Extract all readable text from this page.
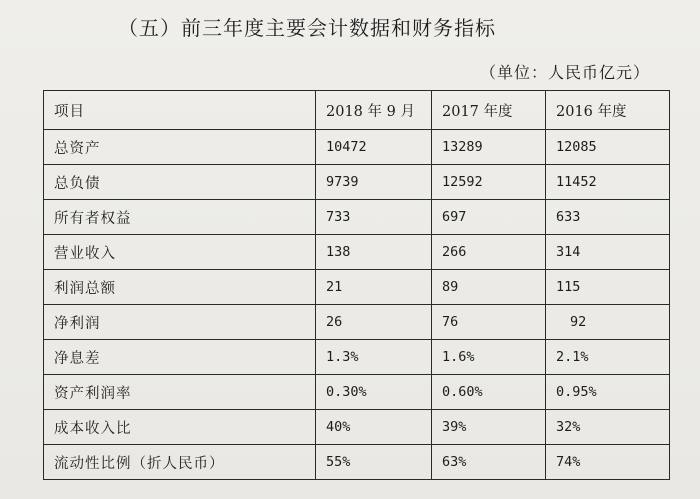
（五）前三年度主要会计数据和财务指标
（单位：人民币亿元）
项目	2018 年 9 月	2017 年度	2016 年度
总资产	10472	13289	12085
总负债	9739	12592	11452
所有者权益	733	697	633
营业收入	138	266	314
利润总额	21	89	115
净利润	26	76	92
净息差	1.3%	1.6%	2.1%
资产利润率	0.30%	0.60%	0.95%
成本收入比	40%	39%	32%
流动性比例（折人民币）	55%	63%	74%
